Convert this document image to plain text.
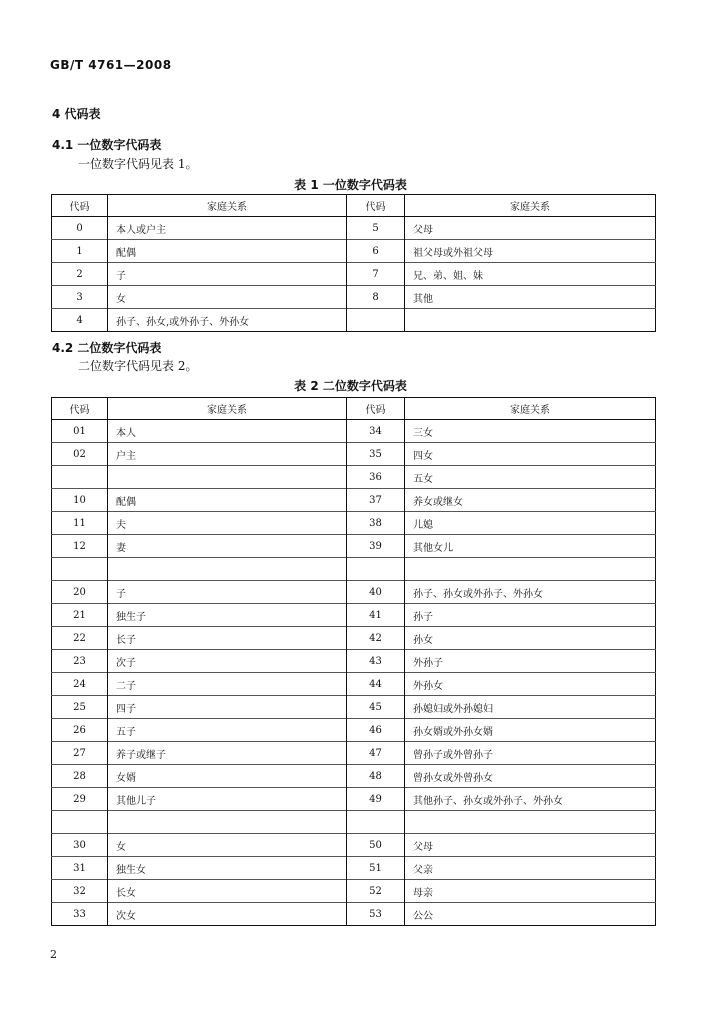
GB/T 4761—2008
4 代码表
4.1 一位数字代码表
一位数字代码见表 1。
表 1 一位数字代码表
代码	家庭关系	代码	家庭关系
0	本人或户主	5	父母
1	配偶	6	祖父母或外祖父母
2	子	7	兄、弟、姐、妹
3	女	8	其他
4	孙子、孙女,或外孙子、外孙女		
4.2 二位数字代码表
二位数字代码见表 2。
表 2 二位数字代码表
代码	家庭关系	代码	家庭关系
01	本人	34	三女
02	户主	35	四女
		36	五女
10	配偶	37	养女或继女
11	夫	38	儿媳
12	妻	39	其他女儿

20	子	40	孙子、孙女或外孙子、外孙女
21	独生子	41	孙子
22	长子	42	孙女
23	次子	43	外孙子
24	二子	44	外孙女
25	四子	45	孙媳妇或外孙媳妇
26	五子	46	孙女婿或外孙女婿
27	养子或继子	47	曾孙子或外曾孙子
28	女婿	48	曾孙女或外曾孙女
29	其他儿子	49	其他孙子、孙女或外孙子、外孙女

30	女	50	父母
31	独生女	51	父亲
32	长女	52	母亲
33	次女	53	公公
2
